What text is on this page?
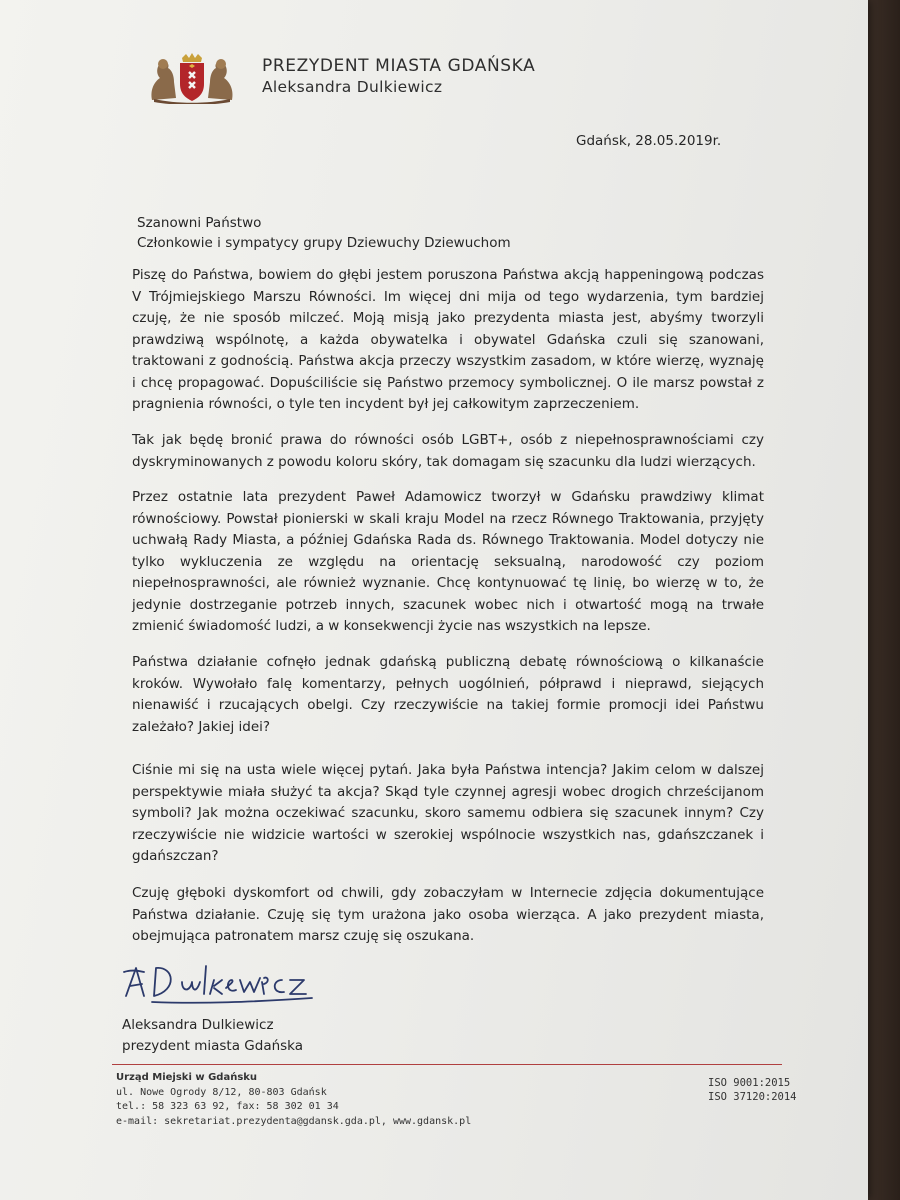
PREZYDENT MIASTA GDAŃSKA
Aleksandra Dulkiewicz
Gdańsk, 28.05.2019r.
Szanowni Państwo
Członkowie i sympatycy grupy Dziewuchy Dziewuchom

Piszę do Państwa, bowiem do głębi jestem poruszona Państwa akcją happeningową podczas V Trójmiejskiego Marszu Równości. Im więcej dni mija od tego wydarzenia, tym bardziej czuję, że nie sposób milczeć. Moją misją jako prezydenta miasta jest, abyśmy tworzyli prawdziwą wspólnotę, a każda obywatelka i obywatel Gdańska czuli się szanowani, traktowani z godnością. Państwa akcja przeczy wszystkim zasadom, w które wierzę, wyznaję i chcę propagować. Dopuściliście się Państwo przemocy symbolicznej. O ile marsz powstał z pragnienia równości, o tyle ten incydent był jej całkowitym zaprzeczeniem.

Tak jak będę bronić prawa do równości osób LGBT+, osób z niepełnosprawnościami czy dyskryminowanych z powodu koloru skóry, tak domagam się szacunku dla ludzi wierzących.

Przez ostatnie lata prezydent Paweł Adamowicz tworzył w Gdańsku prawdziwy klimat równościowy. Powstał pionierski w skali kraju Model na rzecz Równego Traktowania, przyjęty uchwałą Rady Miasta, a później Gdańska Rada ds. Równego Traktowania. Model dotyczy nie tylko wykluczenia ze względu na orientację seksualną, narodowość czy poziom niepełnosprawności, ale również wyznanie. Chcę kontynuować tę linię, bo wierzę w to, że jedynie dostrzeganie potrzeb innych, szacunek wobec nich i otwartość mogą na trwałe zmienić świadomość ludzi, a w konsekwencji życie nas wszystkich na lepsze.

Państwa działanie cofnęło jednak gdańską publiczną debatę równościową o kilkanaście kroków. Wywołało falę komentarzy, pełnych uogólnień, półprawd i nieprawd, siejących nienawiść i rzucających obelgi. Czy rzeczywiście na takiej formie promocji idei Państwu zależało? Jakiej idei?

Ciśnie mi się na usta wiele więcej pytań. Jaka była Państwa intencja? Jakim celom w dalszej perspektywie miała służyć ta akcja? Skąd tyle czynnej agresji wobec drogich chrześcijanom symboli? Jak można oczekiwać szacunku, skoro samemu odbiera się szacunek innym? Czy rzeczywiście nie widzicie wartości w szerokiej wspólnocie wszystkich nas, gdańszczanek i gdańszczan?

Czuję głęboki dyskomfort od chwili, gdy zobaczyłam w Internecie zdjęcia dokumentujące Państwa działanie. Czuję się tym urażona jako osoba wierząca. A jako prezydent miasta, obejmująca patronatem marsz czuję się oszukana.

Aleksandra Dulkiewicz
prezydent miasta Gdańska
Urząd Miejski w Gdańsku
ul. Nowe Ogrody 8/12, 80-803 Gdańsk
tel.: 58 323 63 92, fax: 58 302 01 34
e-mail: sekretariat.prezydenta@gdansk.gda.pl, www.gdansk.pl
ISO 9001:2015
ISO 37120:2014
